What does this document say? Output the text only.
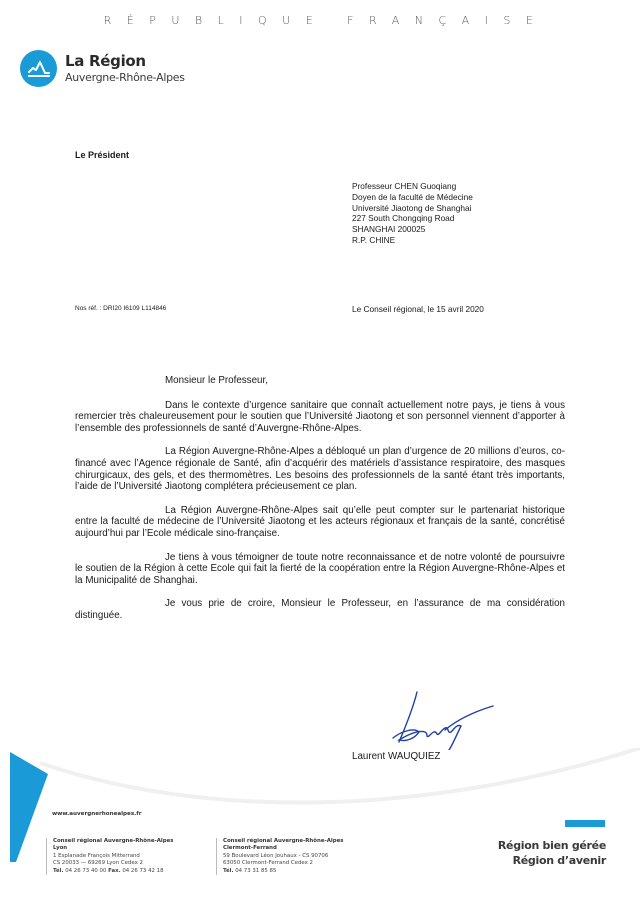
RÉPUBLIQUE FRANÇAISE
La Région
Auvergne-Rhône-Alpes
Le Président
Professeur CHEN Guoqiang
Doyen de la faculté de Médecine
Université Jiaotong de Shanghai
227 South Chongqing Road
SHANGHAI 200025
R.P. CHINE
Nos réf. : DRI20 I6109 L114846	Le Conseil régional, le 15 avril 2020
Monsieur le Professeur,

Dans le contexte d’urgence sanitaire que connaît actuellement notre pays, je tiens à vous remercier très chaleureusement pour le soutien que l’Université Jiaotong et son personnel viennent d’apporter à l’ensemble des professionnels de santé d’Auvergne-Rhône-Alpes.

La Région Auvergne-Rhône-Alpes a débloqué un plan d’urgence de 20 millions d’euros, co-financé avec l’Agence régionale de Santé, afin d’acquérir des matériels d’assistance respiratoire, des masques chirurgicaux, des gels, et des thermomètres. Les besoins des professionnels de la santé étant très importants, l’aide de l’Université Jiaotong complétera précieusement ce plan.

La Région Auvergne-Rhône-Alpes sait qu’elle peut compter sur le partenariat historique entre la faculté de médecine de l’Université Jiaotong et les acteurs régionaux et français de la santé, concrétisé aujourd’hui par l’Ecole médicale sino-française.

Je tiens à vous témoigner de toute notre reconnaissance et de notre volonté de poursuivre le soutien de la Région à cette Ecole qui fait la fierté de la coopération entre la Région Auvergne-Rhône-Alpes et la Municipalité de Shanghai.

Je vous prie de croire, Monsieur le Professeur, en l’assurance de ma considération distinguée.

Laurent WAUQUIEZ
www.auvergnerhonealpes.fr
Conseil régional Auvergne-Rhône-Alpes
Lyon
1 Esplanade François Mitterrand
CS 20033 — 69269 Lyon Cedex 2
Tél. 04 26 73 40 00 Fax. 04 26 73 42 18
Conseil régional Auvergne-Rhône-Alpes
Clermont-Ferrand
59 Boulevard Léon Jouhaux - CS 90706
63050 Clermont-Ferrand Cedex 2
Tél. 04 73 31 85 85
Région bien gérée
Région d’avenir
